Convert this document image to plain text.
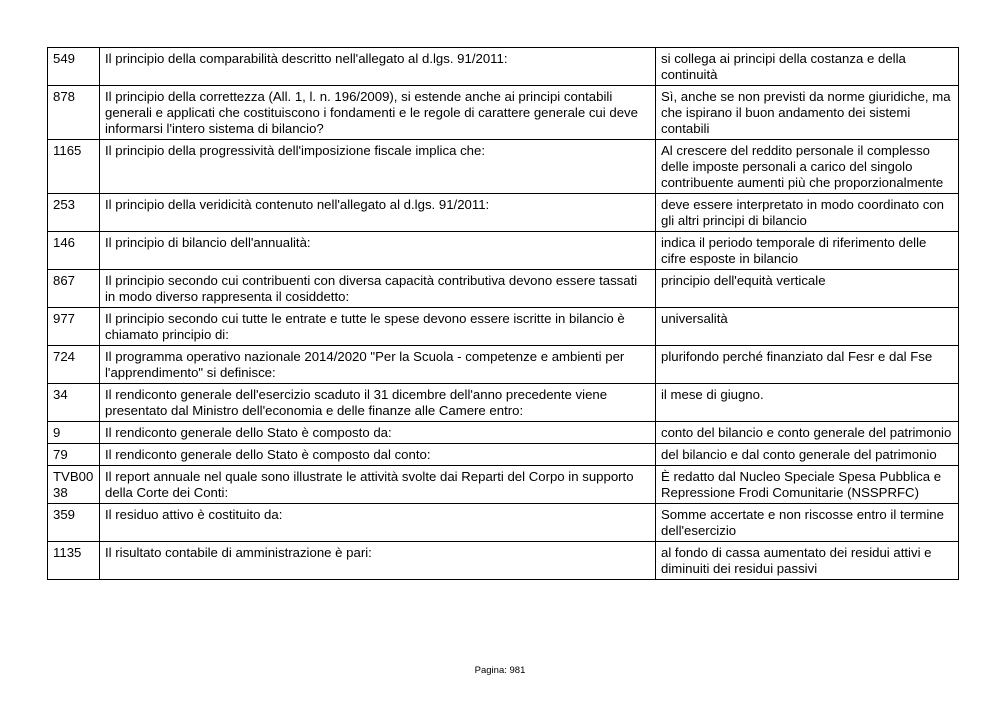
549	Il principio della comparabilità descritto nell'allegato al d.lgs. 91/2011:	si collega ai principi della costanza e della continuità
878	Il principio della correttezza (All. 1, l. n. 196/2009), si estende anche ai principi contabili generali e applicati che costituiscono i fondamenti e le regole di carattere generale cui deve informarsi l'intero sistema di bilancio?	Sì, anche se non previsti da norme giuridiche, ma che ispirano il buon andamento dei sistemi contabili
1165	Il principio della progressività dell'imposizione fiscale implica che:	Al crescere del reddito personale il complesso delle imposte personali a carico del singolo contribuente aumenti più che proporzionalmente
253	Il principio della veridicità contenuto nell'allegato al d.lgs. 91/2011:	deve essere interpretato in modo coordinato con gli altri principi di bilancio
146	Il principio di bilancio dell'annualità:	indica il periodo temporale di riferimento delle cifre esposte in bilancio
867	Il principio secondo cui contribuenti con diversa capacità contributiva devono essere tassati in modo diverso rappresenta il cosiddetto:	principio dell'equità verticale
977	Il principio secondo cui tutte le entrate e tutte le spese devono essere iscritte in bilancio è chiamato principio di:	universalità
724	Il programma operativo nazionale 2014/2020 "Per la Scuola - competenze e ambienti per l'apprendimento" si definisce:	plurifondo perché finanziato dal Fesr e dal Fse
34	Il rendiconto generale dell'esercizio scaduto il 31 dicembre dell'anno precedente viene presentato dal Ministro dell'economia e delle finanze alle Camere entro:	il mese di giugno.
9	Il rendiconto generale dello Stato è composto da:	conto del bilancio e conto generale del patrimonio
79	Il rendiconto generale dello Stato è composto dal conto:	del bilancio e dal conto generale del patrimonio
TVB0038	Il report annuale nel quale sono illustrate le attività svolte dai Reparti del Corpo in supporto della Corte dei Conti:	È redatto dal Nucleo Speciale Spesa Pubblica e Repressione Frodi Comunitarie (NSSPRFC)
359	Il residuo attivo è costituito da:	Somme accertate e non riscosse entro il termine dell'esercizio
1135	Il risultato contabile di amministrazione è pari:	al fondo di cassa aumentato dei residui attivi e diminuiti dei residui passivi
Pagina: 981
